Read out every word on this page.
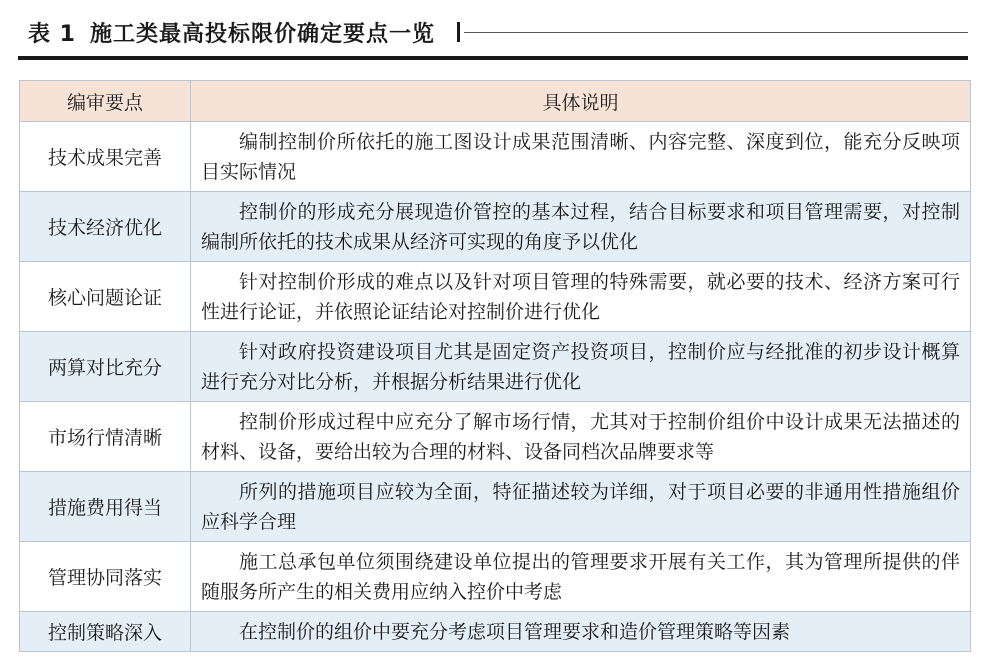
表 1 施工类最高投标限价确定要点一览
编审要点	具体说明
技术成果完善	编制控制价所依托的施工图设计成果范围清晰、内容完整、深度到位，能充分反映项目实际情况
技术经济优化	控制价的形成充分展现造价管控的基本过程，结合目标要求和项目管理需要，对控制编制所依托的技术成果从经济可实现的角度予以优化
核心问题论证	针对控制价形成的难点以及针对项目管理的特殊需要，就必要的技术、经济方案可行性进行论证，并依照论证结论对控制价进行优化
两算对比充分	针对政府投资建设项目尤其是固定资产投资项目，控制价应与经批准的初步设计概算进行充分对比分析，并根据分析结果进行优化
市场行情清晰	控制价形成过程中应充分了解市场行情，尤其对于控制价组价中设计成果无法描述的材料、设备，要给出较为合理的材料、设备同档次品牌要求等
措施费用得当	所列的措施项目应较为全面，特征描述较为详细，对于项目必要的非通用性措施组价应科学合理
管理协同落实	施工总承包单位须围绕建设单位提出的管理要求开展有关工作，其为管理所提供的伴随服务所产生的相关费用应纳入控价中考虑
控制策略深入	在控制价的组价中要充分考虑项目管理要求和造价管理策略等因素
